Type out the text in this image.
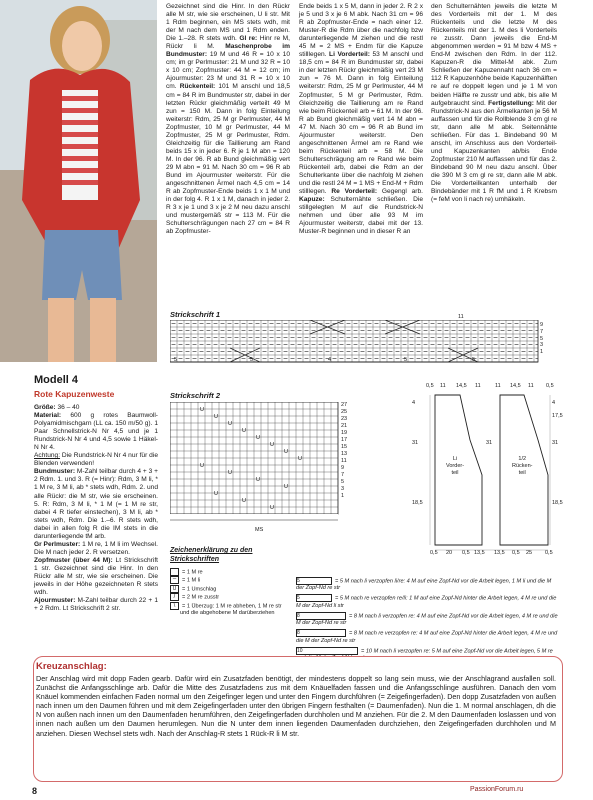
Gezeichnet sind die Hinr. In den Rückr alle M str, wie sie erscheinen, U li str. Mit 1 Rdm beginnen, ein MS stets wdh, mit der M nach dem MS und 1 Rdm enden. Die 1.–28. R stets wdh. Gl re: Hinr re M, Rückr li M. Maschenprobe im Bundmuster: 19 M und 46 R = 10 x 10 cm; im gr Perlmuster: 21 M und 32 R = 10 x 10 cm; Zopfmuster: 44 M = 12 cm; im Ajourmuster: 23 M und 31 R = 10 x 10 cm. Rückenteil: 101 M anschl und 18,5 cm = 84 R im Bundmuster str, dabei in der letzten Rückr gleichmäßig verteilt 49 M zun = 150 M. Dann in folg Einteilung weiterstr: Rdm, 25 M gr Perlmuster, 44 M Zopfmuster, 10 M gr Perlmuster, 44 M Zopfmuster, 25 M gr Perlmuster, Rdm. Gleichzeitig für die Taillierung am Rand beids 15 x in jeder 6. R je 1 M abn = 120 M. In der 96. R ab Bund gleichmäßig vert 29 M abn = 91 M. Nach 30 cm = 96 R ab Bund im Ajourmuster weiterstr. Für die angeschnittenen Ärmel nach 4,5 cm = 14 R ab Zopfmuster-Ende beids 1 x 1 M und in der folg 4. R 1 x 1 M, danach in jeder 2. R 3 x je 1 und 3 x je 2 M neu dazu anschl und mustergemäß str = 113 M. Für die Schulterschrägungen nach 27 cm = 84 R ab Zopfmuster-

Ende beids 1 x 5 M, dann in jeder 2. R 2 x je 5 und 3 x je 6 M abk. Nach 31 cm = 96 R ab Zopfmuster-Ende = nach einer 12. Muster-R die Rdm über die nachfolg bzw darunterliegende M ziehen und die restl 45 M = 2 MS + Endm für die Kapuze stilllegen. Li Vorderteil: 53 M anschl und 18,5 cm = 84 R im Bundmuster str, dabei in der letzten Rückr gleichmäßig vert 23 M zun = 76 M. Dann in folg Einteilung weiterstr: Rdm, 25 M gr Perlmuster, 44 M Zopfmuster, 5 M gr Perlmuster, Rdm. Gleichzeitig die Taillierung am re Rand wie beim Rückenteil arb = 61 M. In der 96. R ab Bund gleichmäßig vert 14 M abn = 47 M. Nach 30 cm = 96 R ab Bund im Ajourmuster weiterstr. Den angeschnittenen Ärmel am re Rand wie beim Rückenteil arb = 58 M. Die Schulterschrägung am re Rand wie beim Rückenteil arb, dabei die Rdm an der Schulterkante über die nachfolg M ziehen und die restl 24 M = 1 MS + End-M + Rdm stilllegen. Re Vorderteil: Gegengl arb. Kapuze: Schulternähte schließen. Die stillgelegten M auf die Rundstrick-N nehmen und über alle 93 M im Ajourmuster weiterstr, dabei mit der 13. Muster-R beginnen und in dieser R an

den Schulternähten jeweils die letzte M des Vorderteils mit der 1. M des Rückenteils und die letzte M des Rückenteils mit der 1. M des li Vorderteils re zusstr. Dann jeweils die End-M abgenommen werden = 91 M bzw 4 MS + End-M zwischen den Rdm. In der 112. Kapuzen-R die Mittel-M abk. Zum Schließen der Kapuzennaht nach 36 cm = 112 R Kapuzenhöhe beide Kapuzenhälften re auf re doppelt legen und je 1 M von beiden Hälfte re zusstr und abk, bis alle M aufgebraucht sind. Fertigstellung: Mit der Rundstrick-N aus den Ärmelkanten je 56 M auffassen und für die Rollblende 3 cm gl re str, dann alle M abk. Seitennähte schließen. Für das 1. Bindeband 90 M anschl, im Anschluss aus den Vorderteil- und Kapuzenkanten ab/bis Ende Zopfmuster 210 M auffassen und für das 2. Bindeband 90 M neu dazu anschl. Über die 390 M 3 cm gl re str, dann alle M abk. Die Vorderteilkanten unterhalb der Bindebänder mit 1 R fM und 1 R Krebsm (= feM von li nach re) umhäkeln.

Strickschrift 1
9
7
5
3
1
11
5	5	4	5	5
Modell 4
Rote Kapuzenweste

Größe: 36 – 40
Material: 600 g rotes Baumwoll-Polyamidmischgarn (LL ca. 150 m/50 g). 1 Paar Schnellstrick-N Nr 4,5 und je 1 Rundstrick-N Nr 4 und 4,5 sowie 1 Häkel-N Nr 4.
Achtung: Die Rundstrick-N Nr 4 nur für die Blenden verwenden!
Bundmuster: M-Zahl teilbar durch 4 + 3 + 2 Rdm. 1. und 3. R (= Hinr): Rdm, 3 M li, * 1 M re, 3 M li, ab * stets wdh, Rdm. 2. und alle Rückr: die M str, wie sie erscheinen. 5. R: Rdm, 3 M li, * 1 M (= 1 M re str, dabei 4 R tiefer einstechen), 3 M li, ab * stets wdh, Rdm. Die 1.–6. R stets wdh, dabei in allen folg R die IM stets in die darunterliegende tM arb.
Gr Perlmuster: 1 M re, 1 M li im Wechsel. Die M nach jeder 2. R versetzen.
Zopfmuster (über 44 M): Lt Strickschrift 1 str. Gezeichnet sind die Hinr. In den Rückr alle M str, wie sie erscheinen. Die jeweils in der Höhe gezeichneten R stets wdh.
Ajourmuster: M-Zahl teilbar durch 22 + 1 + 2 Rdm. Lt Strickschrift 2 str.

Strickschrift 2
U
U
U
U
U
U
U
U
U
U
U
U
U
U
U
27
25
23
21
19
17
15
13
11
9
7
5
3
1
MS
0,5 11 14,5 11	11 14,5 11 0,5
4
31
18,5
31
4
17,5
31
18,5
Li
Vorder-
teil
1/2
Rücken-
teil
0,5 20 0,5 13,5 13,5 0,5 25 0,5
Zeichenerklärung zu den Strickschriften
= 1 M re
– = 1 M li
U = 1 Umschlag
/ = 2 M re zusstr
\ = 1 Überzug: 1 M re abheben, 1 M re str und die abgehobene M darüberziehen
5	= 5 M nach li verzopfen li/re: 4 M auf eine Zopf-Nd vor die Arbeit legen, 1 M li und die M der Zopf-Nd re str
5	= 5 M nach re verzopfen re/li: 1 M auf eine Zopf-Nd hinter die Arbeit legen, 4 M re und die M der Zopf-Nd li str
8	= 8 M nach li verzopfen re: 4 M auf eine Zopf-Nd vor die Arbeit legen, 4 M re und die M der Zopf-Nd re str
8	= 8 M nach re verzopfen re: 4 M auf eine Zopf-Nd hinter die Arbeit legen, 4 M re und die M der Zopf-Nd re str
10	= 10 M nach li verzopfen re: 5 M auf eine Zopf-Nd vor die Arbeit legen, 5 M re
Kreuzanschlag:
Der Anschlag wird mit dopp Faden gearb. Dafür wird ein Zusatzfaden benötigt, der mindestens doppelt so lang sein muss, wie der Anschlagrand ausfallen soll. Zunächst die Anfangsschlinge arb. Dafür die Mitte des Zusatzfadens zus mit dem Knäuelfaden fassen und die Anfangsschlinge ausführen. Danach den vom Knäuel kommenden einfachen Faden normal um den Zeigefinger legen und unter den Fingern durchführen (= Zeigefingerfaden). Den dopp Zusatzfaden von außen nach innen um den Daumen führen und mit dem Zeigefingerfaden unter den übrigen Fingern festhalten (= Daumenfaden). Nun die 1. M normal anschlagen, dh die N von außen nach innen um den Daumenfaden herumführen, den Zeigefingerfaden durchholen und M anziehen. Für die 2. M den Daumenfaden loslassen und von innen nach außen um den Daumen herumlegen. Nun die N unter dem innen liegenden Daumenfaden durchziehen, den Zeigefingerfaden durchholen und M anziehen. Diesen Wechsel stets wdh. Nach der Anschlag-R stets 1 Rück-R li M str.
8	PassionForum.ru
